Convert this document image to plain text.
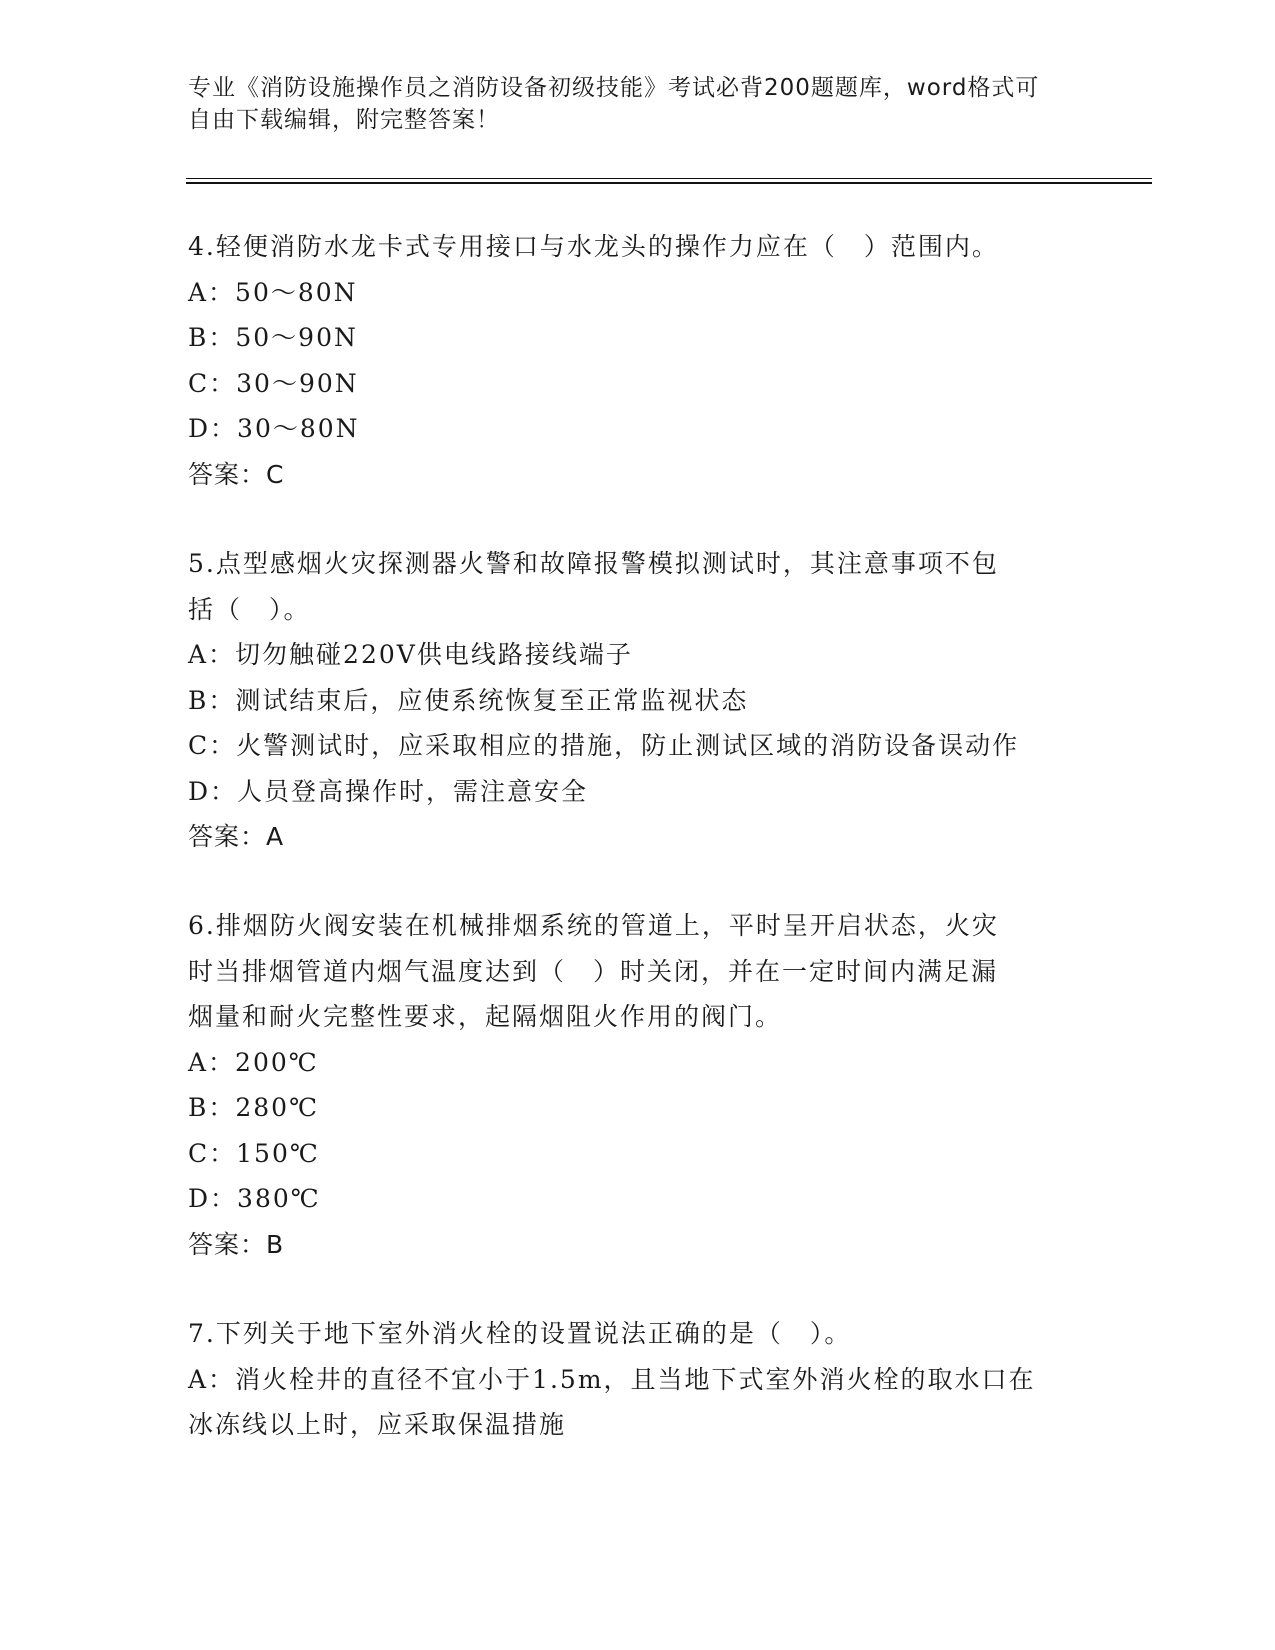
专业《消防设施操作员之消防设备初级技能》考试必背200题题库，word格式可
自由下载编辑，附完整答案！
4.轻便消防水龙卡式专用接口与水龙头的操作力应在（　）范围内。
A：50～80N
B：50～90N
C：30～90N
D：30～80N
答案：C
5.点型感烟火灾探测器火警和故障报警模拟测试时，其注意事项不包
括（　）。
A：切勿触碰220V供电线路接线端子
B：测试结束后，应使系统恢复至正常监视状态
C：火警测试时，应采取相应的措施，防止测试区域的消防设备误动作
D：人员登高操作时，需注意安全
答案：A
6.排烟防火阀安装在机械排烟系统的管道上，平时呈开启状态，火灾
时当排烟管道内烟气温度达到（　）时关闭，并在一定时间内满足漏
烟量和耐火完整性要求，起隔烟阻火作用的阀门。
A：200℃
B：280℃
C：150℃
D：380℃
答案：B
7.下列关于地下室外消火栓的设置说法正确的是（　）。
A：消火栓井的直径不宜小于1.5m，且当地下式室外消火栓的取水口在
冰冻线以上时，应采取保温措施
